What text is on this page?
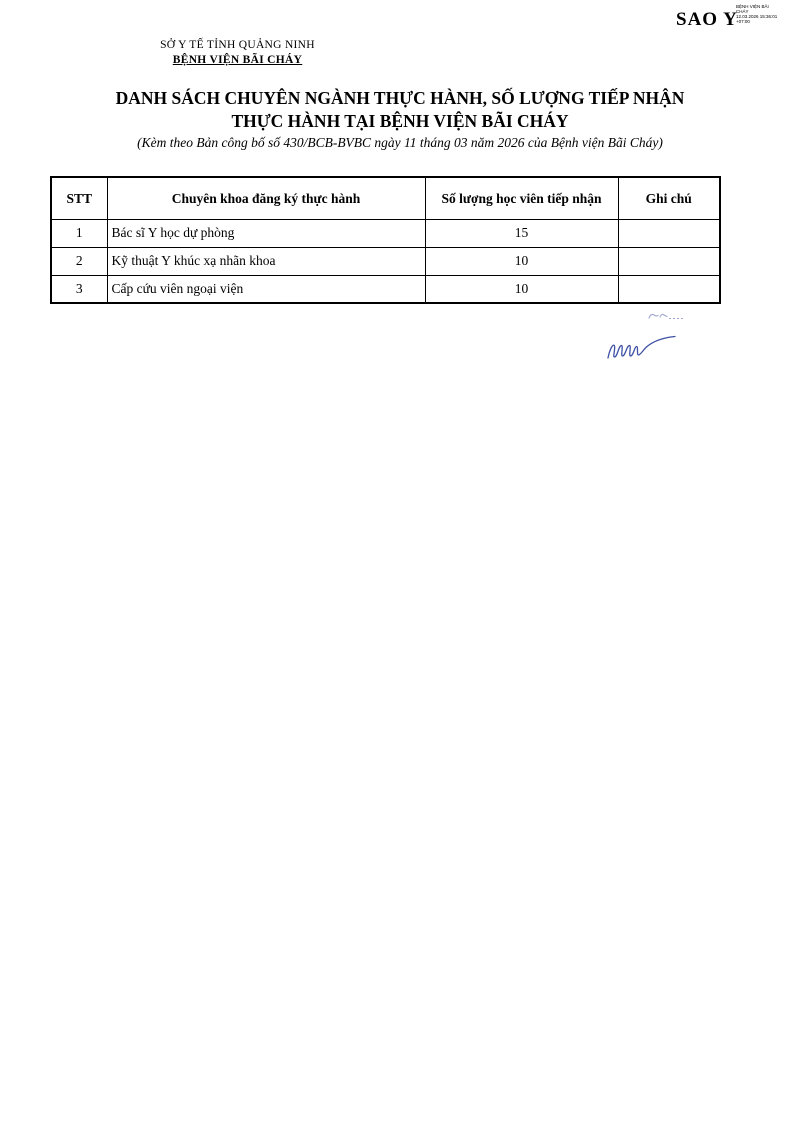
SAO Y
BỆNH VIỆN BÃI
CHÁY
12.03.2026 15:36:01
+07:00
SỞ Y TẾ TỈNH QUẢNG NINH
BỆNH VIỆN BÃI CHÁY
DANH SÁCH CHUYÊN NGÀNH THỰC HÀNH, SỐ LƯỢNG TIẾP NHẬN
THỰC HÀNH TẠI BỆNH VIỆN BÃI CHÁY
(Kèm theo Bản công bố số 430/BCB-BVBC ngày 11 tháng 03 năm 2026 của Bệnh viện Bãi Cháy)
STT	Chuyên khoa đăng ký thực hành	Số lượng học viên tiếp nhận	Ghi chú
1	Bác sĩ Y học dự phòng	15	
2	Kỹ thuật Y khúc xạ nhãn khoa	10	
3	Cấp cứu viên ngoại viện	10	
